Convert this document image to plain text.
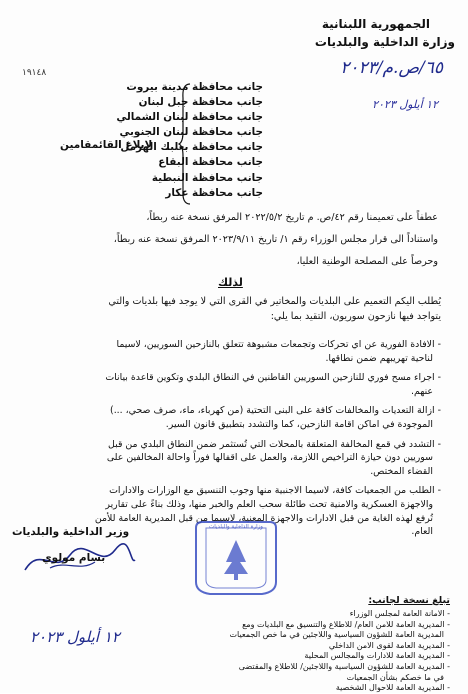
الجمهورية اللبنانية
وزارة الداخلية والبلديات
٦٥/ص.م/٢٠٢٣
١٩١٤٨
١٢ أيلول ٢٠٢٣
جانب محافظة مدينة بيروت
جانب محافظة جبل لبنان
جانب محافظة لبنان الشمالي
جانب محافظة لبنان الجنوبي
جانب محافظة بعلبك الهرمل
جانب محافظة البقاع
جانب محافظة النبطية
جانب محافظة عكار
لابلاغ القائمقامين
عطفاً على تعميمنا رقم ٤٢/ص. م تاريخ ٢٠٢٢/٥/٢ المرفق نسخة عنه ربطاً،
واستناداً الى قرار مجلس الوزراء رقم ١/ تاريخ ٢٠٢٣/٩/١١ المرفق نسخة عنه ربطاً،
وحرصاً على المصلحة الوطنية العليا،
لذلك
يُطلب اليكم التعميم على البلديات والمخاتير في القرى التي لا يوجد فيها بلديات والتي
يتواجد فيها نازحون سوريون، التقيد بما يلي:
- الافادة الفورية عن اي تحركات وتجمعات مشبوهة تتعلق بالنازحين السوريين، لاسيما
لناحية تهريبهم ضمن نطاقها.
- اجراء مسح فوري للنازحين السوريين القاطنين في النطاق البلدي وتكوين قاعدة بيانات
عنهم.
- ازالة التعديات والمخالفات كافة على البنى التحتية (من كهرباء، ماء، صرف صحي، ...)
الموجودة في اماكن اقامة النازحين، كما والتشدد بتطبيق قانون السير.
- التشدد في قمع المخالفة المتعلقة بالمحلات التي تُستثمر ضمن النطاق البلدي من قبل
سوريين دون حيازة التراخيص اللازمة، والعمل على اقفالها فوراً واحالة المخالفين على
القضاء المختص.
- الطلب من الجمعيات كافة، لاسيما الاجنبية منها وجوب التنسيق مع الوزارات والادارات
والاجهزة العسكرية والامنية تحت طائلة سحب العلم والخبر منها، وذلك بناءً على تقارير
تُرفع لهذه الغاية من قبل الادارات والاجهزة المعنية، لاسيما من قبل المديرية العامة للأمن
العام.
وزير الداخلية والبلديات
بسام مولوي
وزارة الداخلية والبلديات
١٢ أيلول ٢٠٢٣
تبلغ نسخة لجانب:
- الامانة العامة لمجلس الوزراء
- المديرية العامة للامن العام/ للاطلاع والتنسيق مع البلديات ومع
المديرية العامة للشؤون السياسية واللاجئين في ما خص الجمعيات
- المديرية العامة لقوى الامن الداخلي
- المديرية العامة للادارات والمجالس المحلية
- المديرية العامة للشؤون السياسية واللاجئين/ للاطلاع والمقتضى
في ما خصكم بشأن الجمعيات
- المديرية العامة للاحوال الشخصية
